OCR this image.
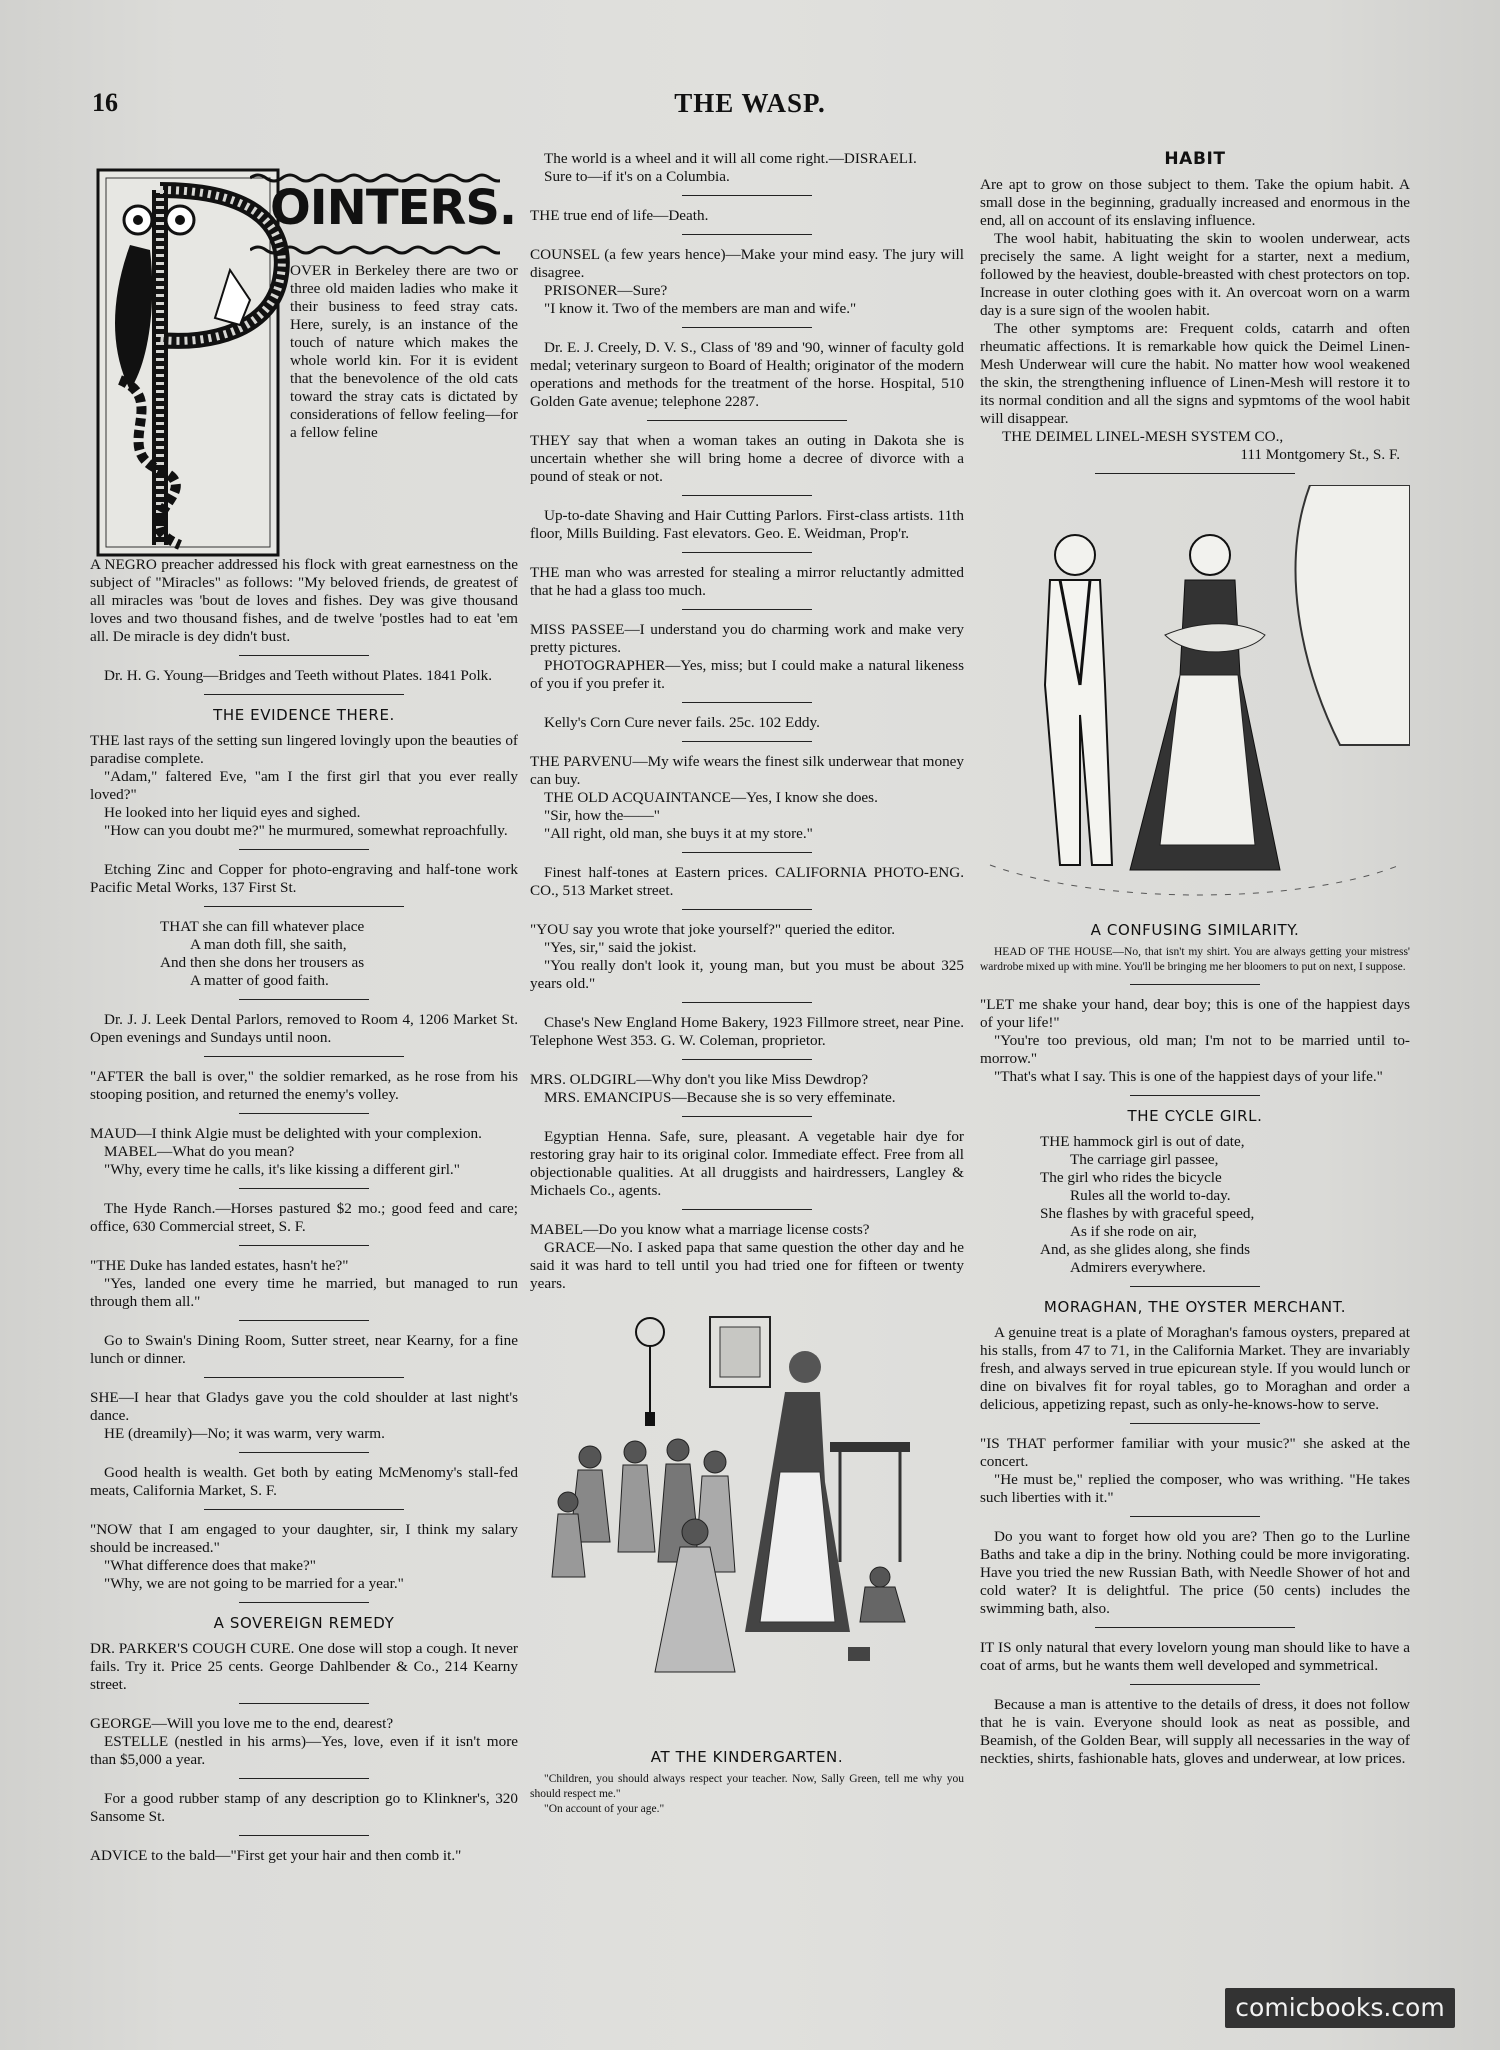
16	THE WASP.
OINTERS.

OVER in Berkeley there are two or three old maiden ladies who make it their business to feed stray cats. Here, surely, is an instance of the touch of nature which makes the whole world kin. For it is evident that the benevolence of the old cats toward the stray cats is dictated by considerations of fellow feeling—for a fellow feline

A NEGRO preacher addressed his flock with great earnestness on the subject of "Miracles" as follows: "My beloved friends, de greatest of all miracles was 'bout de loves and fishes. Dey was give thousand loves and two thousand fishes, and de twelve 'postles had to eat 'em all. De miracle is dey didn't bust.

Dr. H. G. Young—Bridges and Teeth without Plates. 1841 Polk.

THE EVIDENCE THERE.

THE last rays of the setting sun lingered lovingly upon the beauties of paradise complete.

"Adam," faltered Eve, "am I the first girl that you ever really loved?"

He looked into her liquid eyes and sighed.

"How can you doubt me?" he murmured, somewhat reproachfully.

Etching Zinc and Copper for photo-engraving and half-tone work Pacific Metal Works, 137 First St.

THAT she can fill whatever place

A man doth fill, she saith,

And then she dons her trousers as

A matter of good faith.

Dr. J. J. Leek Dental Parlors, removed to Room 4, 1206 Market St. Open evenings and Sundays until noon.

"AFTER the ball is over," the soldier remarked, as he rose from his stooping position, and returned the enemy's volley.

MAUD—I think Algie must be delighted with your complexion.

MABEL—What do you mean?

"Why, every time he calls, it's like kissing a different girl."

The Hyde Ranch.—Horses pastured $2 mo.; good feed and care; office, 630 Commercial street, S. F.

"THE Duke has landed estates, hasn't he?"

"Yes, landed one every time he married, but managed to run through them all."

Go to Swain's Dining Room, Sutter street, near Kearny, for a fine lunch or dinner.

SHE—I hear that Gladys gave you the cold shoulder at last night's dance.

HE (dreamily)—No; it was warm, very warm.

Good health is wealth. Get both by eating McMenomy's stall-fed meats, California Market, S. F.

"NOW that I am engaged to your daughter, sir, I think my salary should be increased."

"What difference does that make?"

"Why, we are not going to be married for a year."

A SOVEREIGN REMEDY

DR. PARKER'S COUGH CURE. One dose will stop a cough. It never fails. Try it. Price 25 cents. George Dahlbender & Co., 214 Kearny street.

GEORGE—Will you love me to the end, dearest?

ESTELLE (nestled in his arms)—Yes, love, even if it isn't more than $5,000 a year.

For a good rubber stamp of any description go to Klinkner's, 320 Sansome St.

ADVICE to the bald—"First get your hair and then comb it."

The world is a wheel and it will all come right.—DISRAELI.

Sure to—if it's on a Columbia.

THE true end of life—Death.

COUNSEL (a few years hence)—Make your mind easy. The jury will disagree.

PRISONER—Sure?

"I know it. Two of the members are man and wife."

Dr. E. J. Creely, D. V. S., Class of '89 and '90, winner of faculty gold medal; veterinary surgeon to Board of Health; originator of the modern operations and methods for the treatment of the horse. Hospital, 510 Golden Gate avenue; telephone 2287.

THEY say that when a woman takes an outing in Dakota she is uncertain whether she will bring home a decree of divorce with a pound of steak or not.

Up-to-date Shaving and Hair Cutting Parlors. First-class artists. 11th floor, Mills Building. Fast elevators. Geo. E. Weidman, Prop'r.

THE man who was arrested for stealing a mirror reluctantly admitted that he had a glass too much.

MISS PASSEE—I understand you do charming work and make very pretty pictures.

PHOTOGRAPHER—Yes, miss; but I could make a natural likeness of you if you prefer it.

Kelly's Corn Cure never fails. 25c. 102 Eddy.

THE PARVENU—My wife wears the finest silk underwear that money can buy.

THE OLD ACQUAINTANCE—Yes, I know she does.

"Sir, how the——"

"All right, old man, she buys it at my store."

Finest half-tones at Eastern prices. CALIFORNIA PHOTO-ENG. CO., 513 Market street.

"YOU say you wrote that joke yourself?" queried the editor.

"Yes, sir," said the jokist.

"You really don't look it, young man, but you must be about 325 years old."

Chase's New England Home Bakery, 1923 Fillmore street, near Pine. Telephone West 353. G. W. Coleman, proprietor.

MRS. OLDGIRL—Why don't you like Miss Dewdrop?

MRS. EMANCIPUS—Because she is so very effeminate.

Egyptian Henna. Safe, sure, pleasant. A vegetable hair dye for restoring gray hair to its original color. Immediate effect. Free from all objectionable qualities. At all druggists and hairdressers, Langley & Michaels Co., agents.

MABEL—Do you know what a marriage license costs?

GRACE—No. I asked papa that same question the other day and he said it was hard to tell until you had tried one for fifteen or twenty years.

AT THE KINDERGARTEN.

"Children, you should always respect your teacher. Now, Sally Green, tell me why you should respect me."

"On account of your age."

HABIT

Are apt to grow on those subject to them. Take the opium habit. A small dose in the beginning, gradually increased and enormous in the end, all on account of its enslaving influence.

The wool habit, habituating the skin to woolen underwear, acts precisely the same. A light weight for a starter, next a medium, followed by the heaviest, double-breasted with chest protectors on top. Increase in outer clothing goes with it. An overcoat worn on a warm day is a sure sign of the woolen habit.

The other symptoms are: Frequent colds, catarrh and often rheumatic affections. It is remarkable how quick the Deimel Linen-Mesh Underwear will cure the habit. No matter how wool weakened the skin, the strengthening influence of Linen-Mesh will restore it to its normal condition and all the signs and sypmtoms of the wool habit will disappear.

THE DEIMEL LINEL-MESH SYSTEM CO.,

111 Montgomery St., S. F.

A CONFUSING SIMILARITY.

HEAD OF THE HOUSE—No, that isn't my shirt. You are always getting your mistress' wardrobe mixed up with mine. You'll be bringing me her bloomers to put on next, I suppose.

"LET me shake your hand, dear boy; this is one of the happiest days of your life!"

"You're too previous, old man; I'm not to be married until to-morrow."

"That's what I say. This is one of the happiest days of your life."

THE CYCLE GIRL.

THE hammock girl is out of date,

The carriage girl passee,

The girl who rides the bicycle

Rules all the world to-day.

She flashes by with graceful speed,

As if she rode on air,

And, as she glides along, she finds

Admirers everywhere.

MORAGHAN, THE OYSTER MERCHANT.

A genuine treat is a plate of Moraghan's famous oysters, prepared at his stalls, from 47 to 71, in the California Market. They are invariably fresh, and always served in true epicurean style. If you would lunch or dine on bivalves fit for royal tables, go to Moraghan and order a delicious, appetizing repast, such as only-he-knows-how to serve.

"IS THAT performer familiar with your music?" she asked at the concert.

"He must be," replied the composer, who was writhing. "He takes such liberties with it."

Do you want to forget how old you are? Then go to the Lurline Baths and take a dip in the briny. Nothing could be more invigorating. Have you tried the new Russian Bath, with Needle Shower of hot and cold water? It is delightful. The price (50 cents) includes the swimming bath, also.

IT IS only natural that every lovelorn young man should like to have a coat of arms, but he wants them well developed and symmetrical.

Because a man is attentive to the details of dress, it does not follow that he is vain. Everyone should look as neat as possible, and Beamish, of the Golden Bear, will supply all necessaries in the way of neckties, shirts, fashionable hats, gloves and underwear, at low prices.

comicbooks.com
